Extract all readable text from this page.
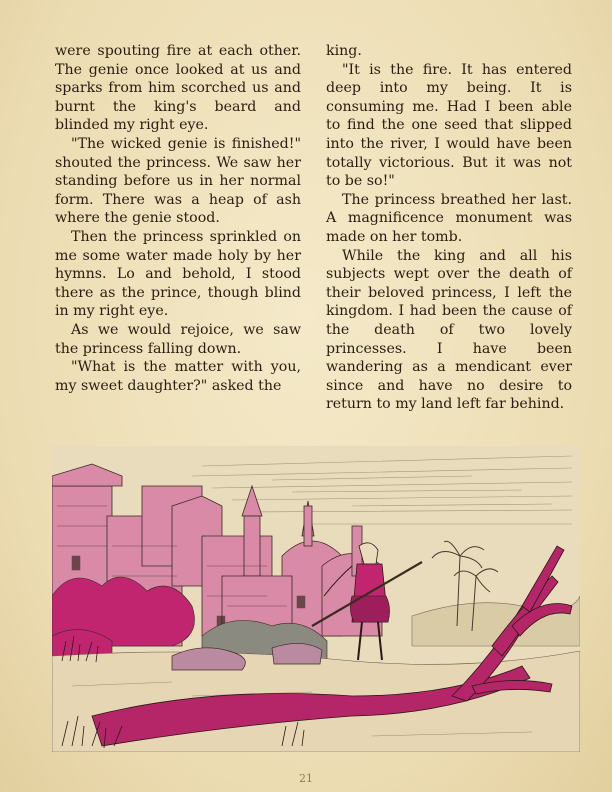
were spouting fire at each other. The genie once looked at us and sparks from him scorched us and burnt the king's beard and blinded my right eye.

"The wicked genie is finished!" shouted the princess. We saw her standing before us in her normal form. There was a heap of ash where the genie stood.

Then the princess sprinkled on me some water made holy by her hymns. Lo and behold, I stood there as the prince, though blind in my right eye.

As we would rejoice, we saw the princess falling down.

"What is the matter with you, my sweet daughter?" asked the

king.

"It is the fire. It has entered deep into my being. It is consuming me. Had I been able to find the one seed that slipped into the river, I would have been totally victorious. But it was not to be so!"

The princess breathed her last. A magnificence monument was made on her tomb.

While the king and all his subjects wept over the death of their beloved princess, I left the kingdom. I had been the cause of the death of two lovely princesses. I have been wandering as a mendicant ever since and have no desire to return to my land left far behind.

21
